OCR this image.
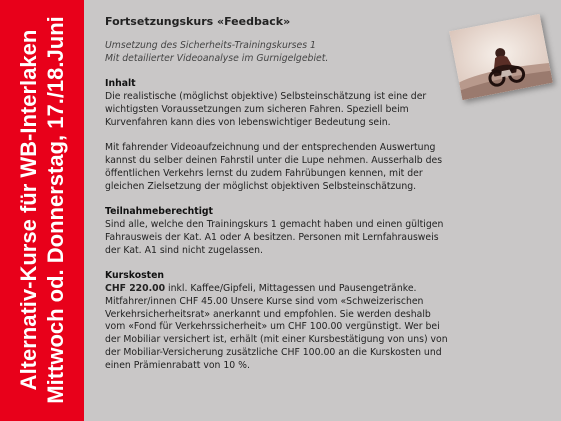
Alternativ-Kurse für WB-Interlaken Mittwoch od. Donnerstag, 17./18.Juni	Fortsetzungskurs «Feedback»

Umsetzung des Sicherheits-Trainingskurses 1

Mit detailierter Videoanalyse im Gurnigelgebiet.

Inhalt

Die realistische (möglichst objektive) Selbsteinschätzung ist eine der wichtigsten Voraussetzungen zum sicheren Fahren. Speziell beim Kurvenfahren kann dies von lebenswichtiger Bedeutung sein.

Mit fahrender Videoaufzeichnung und der entsprechenden Auswertung kannst du selber deinen Fahrstil unter die Lupe nehmen. Ausserhalb des öffentlichen Verkehrs lernst du zudem Fahrübungen kennen, mit der gleichen Zielsetzung der möglichst objektiven Selbsteinschätzung.

Teilnahmeberechtigt

Sind alle, welche den Trainingskurs 1 gemacht haben und einen gültigen Fahrausweis der Kat. A1 oder A besitzen. Personen mit Lernfahrausweis der Kat. A1 sind nicht zugelassen.

Kurskosten

CHF 220.00 inkl. Kaffee/Gipfeli, Mittagessen und Pausengetränke.

Mitfahrer/innen CHF 45.00 Unsere Kurse sind vom «Schweizerischen Verkehrsicherheitsrat» anerkannt und empfohlen. Sie werden deshalb vom «Fond für Verkehrssicherheit» um CHF 100.00 vergünstigt. Wer bei der Mobiliar versichert ist, erhält (mit einer Kursbestätigung von uns) von der Mobiliar-Versicherung zusätzliche CHF 100.00 an die Kurskosten und einen Prämienrabatt von 10 %.
